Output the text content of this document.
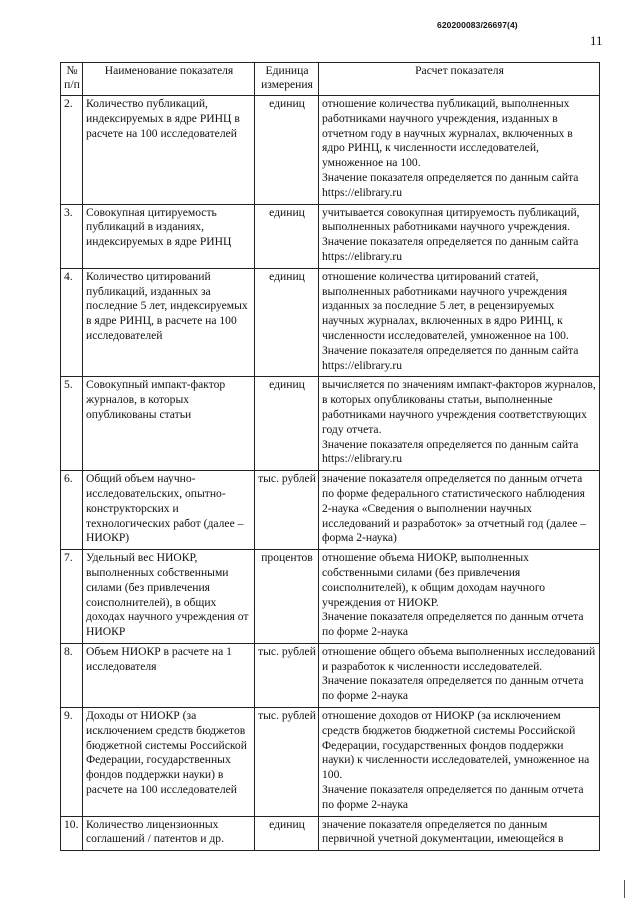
620200083/26697(4)
11
№ п/п	Наименование показателя	Единица измерения	Расчет показателя
2.	Количество публикаций, индексируемых в ядре РИНЦ в расчете на 100 исследователей	единиц	отношение количества публикаций, выполненных работниками научного учреждения, изданных в отчетном году в научных журналах, включенных в ядро РИНЦ, к численности исследователей, умноженное на 100.
Значение показателя определяется по данным сайта https://elibrary.ru

3.	Совокупная цитируемость публикаций в изданиях, индексируемых в ядре РИНЦ	единиц	учитывается совокупная цитируемость публикаций, выполненных работниками научного учреждения.
Значение показателя определяется по данным сайта https://elibrary.ru

4.	Количество цитирований публикаций, изданных за последние 5 лет, индексируемых в ядре РИНЦ, в расчете на 100 исследователей	единиц	отношение количества цитирований статей, выполненных работниками научного учреждения изданных за последние 5 лет, в рецензируемых научных журналах, включенных в ядро РИНЦ, к численности исследователей, умноженное на 100.
Значение показателя определяется по данным сайта https://elibrary.ru

5.	Совокупный импакт-фактор журналов, в которых опубликованы статьи	единиц	вычисляется по значениям импакт-факторов журналов, в которых опубликованы статьи, выполненные работниками научного учреждения соответствующих году отчета.
Значение показателя определяется по данным сайта https://elibrary.ru

6.	Общий объем научно-исследовательских, опытно-конструкторских и технологических работ (далее – НИОКР)	тыс. рублей	значение показателя определяется по данным отчета по форме федерального статистического наблюдения 2-наука «Сведения о выполнении научных исследований и разработок» за отчетный год (далее – форма 2-наука)

7.	Удельный вес НИОКР, выполненных собственными силами (без привлечения соисполнителей), в общих доходах научного учреждения от НИОКР	процентов	отношение объема НИОКР, выполненных собственными силами (без привлечения соисполнителей), к общим доходам научного учреждения от НИОКР.
Значение показателя определяется по данным отчета по форме 2-наука

8.	Объем НИОКР в расчете на 1 исследователя	тыс. рублей	отношение общего объема выполненных исследований и разработок к численности исследователей.
Значение показателя определяется по данным отчета по форме 2-наука

9.	Доходы от НИОКР (за исключением средств бюджетов бюджетной системы Российской Федерации, государственных фондов поддержки науки) в расчете на 100 исследователей	тыс. рублей	отношение доходов от НИОКР (за исключением средств бюджетов бюджетной системы Российской Федерации, государственных фондов поддержки науки) к численности исследователей, умноженное на 100.
Значение показателя определяется по данным отчета по форме 2-наука

10.	Количество лицензионных соглашений / патентов и др.	единиц	значение показателя определяется по данным первичной учетной документации, имеющейся в
